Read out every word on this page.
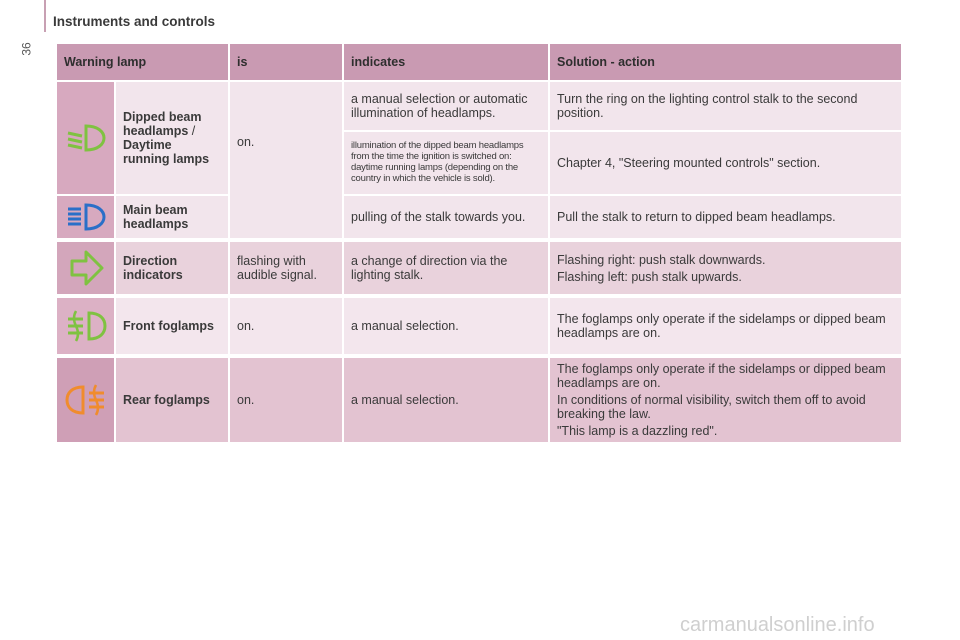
36
Instruments and controls
Warning lamp		is	indicates	Solution - action

	Dipped beam headlamps /
Daytime running lamps	on.	a manual selection or automatic illumination of headlamps.	Turn the ring on the lighting control stalk to the second position.
			illumination of the dipped beam headlamps from the time the ignition is switched on: daytime running lamps (depending on the country in which the vehicle is sold).	Chapter 4, "Steering mounted controls" section.

	Main beam headlamps		pulling of the stalk towards you.	Pull the stalk to return to dipped beam headlamps.

	Direction indicators	flashing with audible signal.	a change of direction via the lighting stalk.	Flashing right: push stalk downwards.

Flashing left: push stalk upwards.

	Front foglamps	on.	a manual selection.	The foglamps only operate if the sidelamps or dipped beam headlamps are on.

	Rear foglamps	on.	a manual selection.	The foglamps only operate if the sidelamps or dipped beam headlamps are on.

In conditions of normal visibility, switch them off to avoid breaking the law.

"This lamp is a dazzling red".

carmanualsonline.info
